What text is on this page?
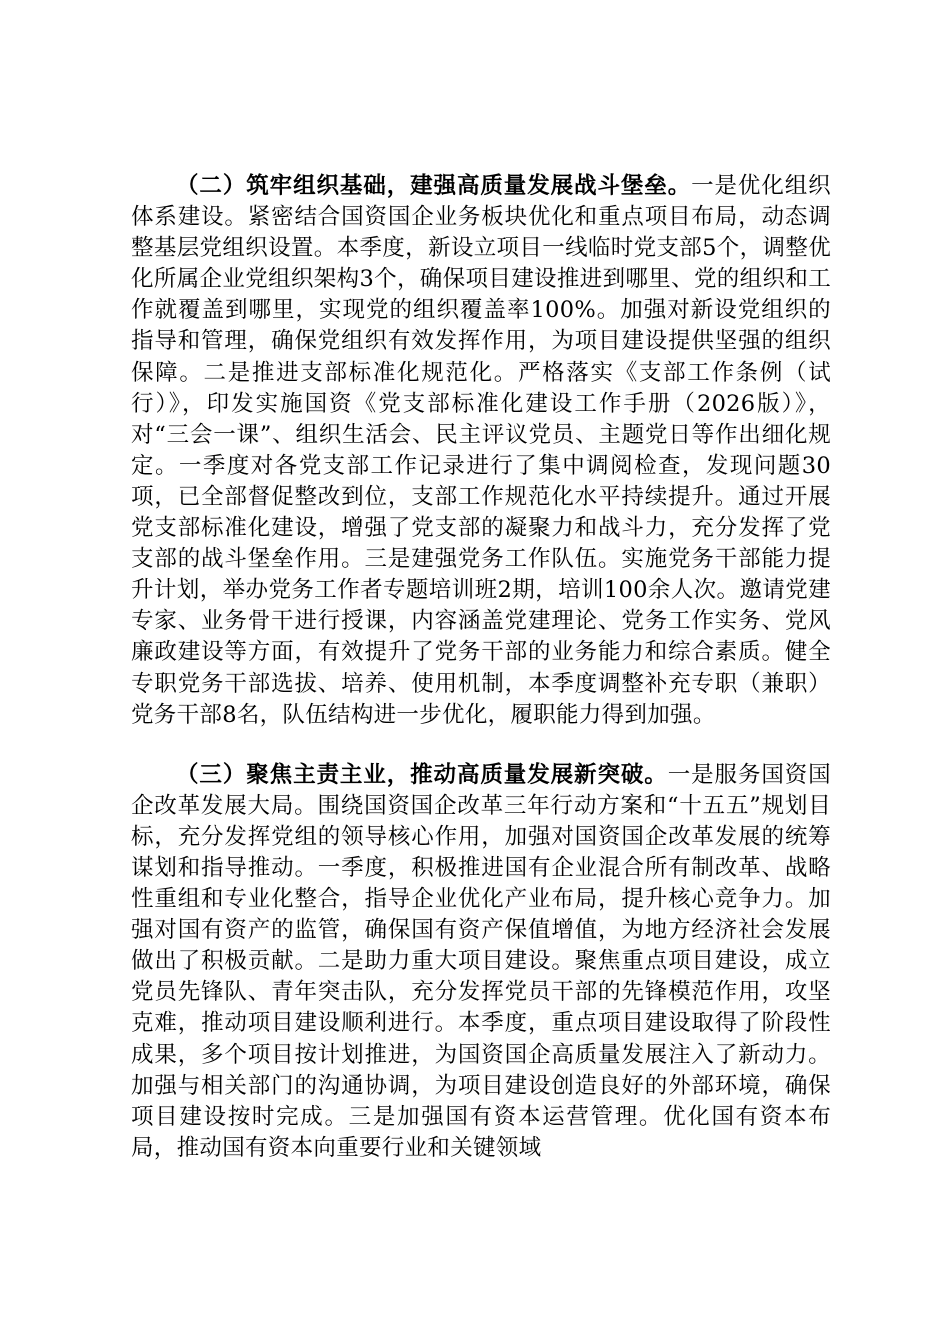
（二）筑牢组织基础，建强高质量发展战斗堡垒。一是优化组织体系建设。紧密结合国资国企业务板块优化和重点项目布局，动态调整基层党组织设置。本季度，新设立项目一线临时党支部5个，调整优化所属企业党组织架构3个，确保项目建设推进到哪里、党的组织和工作就覆盖到哪里，实现党的组织覆盖率100%。加强对新设党组织的指导和管理，确保党组织有效发挥作用，为项目建设提供坚强的组织保障。二是推进支部标准化规范化。严格落实《支部工作条例（试行）》，印发实施国资《党支部标准化建设工作手册（2026版）》，对“三会一课”、组织生活会、民主评议党员、主题党日等作出细化规定。一季度对各党支部工作记录进行了集中调阅检查，发现问题30项，已全部督促整改到位，支部工作规范化水平持续提升。通过开展党支部标准化建设，增强了党支部的凝聚力和战斗力，充分发挥了党支部的战斗堡垒作用。三是建强党务工作队伍。实施党务干部能力提升计划，举办党务工作者专题培训班2期，培训100余人次。邀请党建专家、业务骨干进行授课，内容涵盖党建理论、党务工作实务、党风廉政建设等方面，有效提升了党务干部的业务能力和综合素质。健全专职党务干部选拔、培养、使用机制，本季度调整补充专职（兼职）党务干部8名，队伍结构进一步优化，履职能力得到加强。

（三）聚焦主责主业，推动高质量发展新突破。一是服务国资国企改革发展大局。围绕国资国企改革三年行动方案和“十五五”规划目标，充分发挥党组的领导核心作用，加强对国资国企改革发展的统筹谋划和指导推动。一季度，积极推进国有企业混合所有制改革、战略性重组和专业化整合，指导企业优化产业布局，提升核心竞争力。加强对国有资产的监管，确保国有资产保值增值，为地方经济社会发展做出了积极贡献。二是助力重大项目建设。聚焦重点项目建设，成立党员先锋队、青年突击队，充分发挥党员干部的先锋模范作用，攻坚克难，推动项目建设顺利进行。本季度，重点项目建设取得了阶段性成果，多个项目按计划推进，为国资国企高质量发展注入了新动力。加强与相关部门的沟通协调，为项目建设创造良好的外部环境，确保项目建设按时完成。三是加强国有资本运营管理。优化国有资本布局，推动国有资本向重要行业和关键领域
